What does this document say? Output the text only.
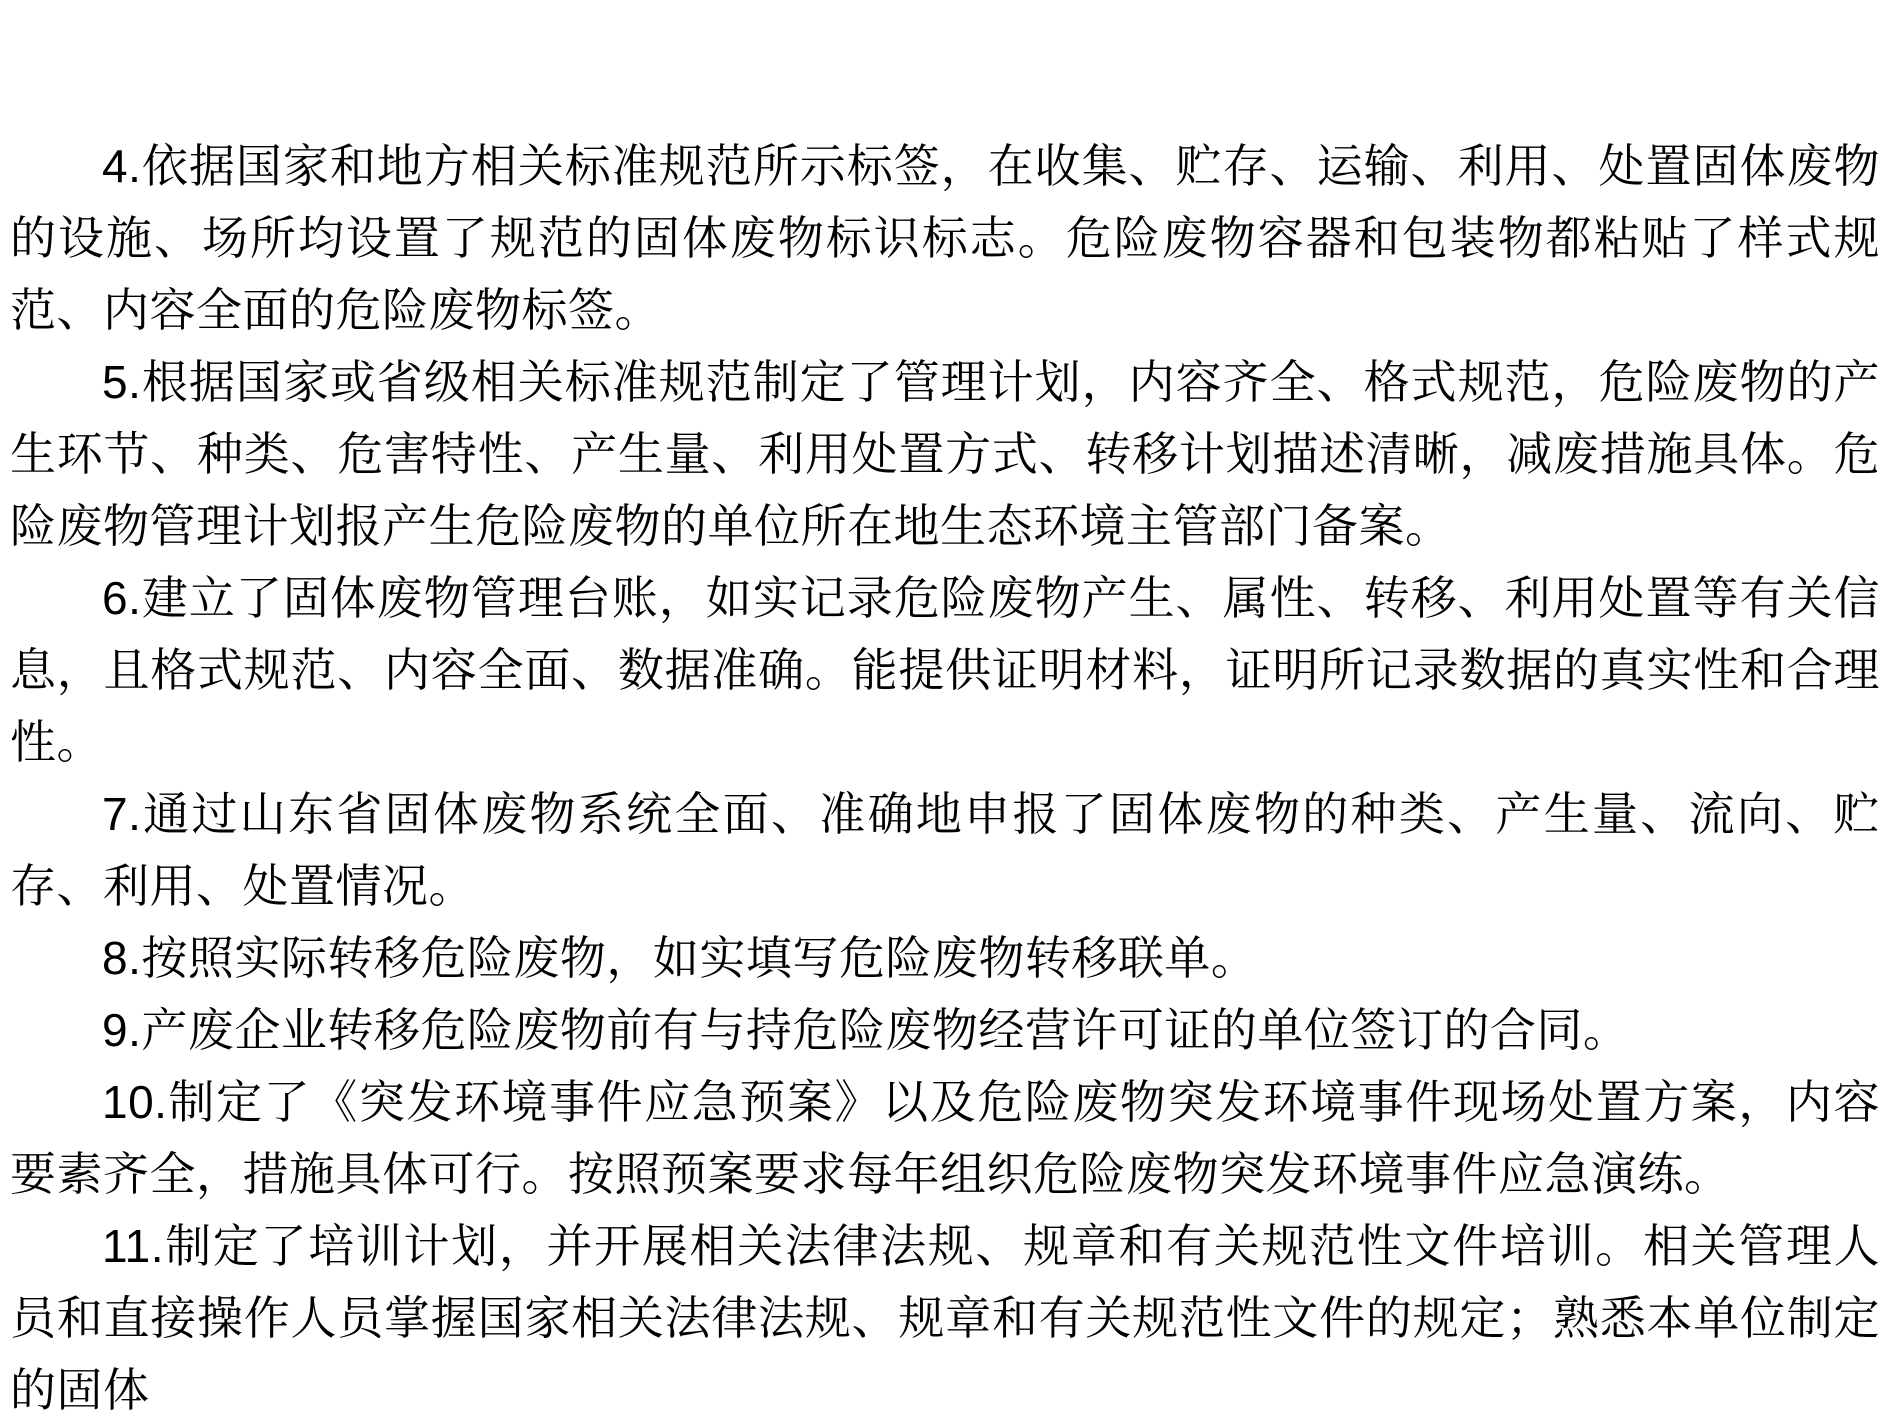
4.依据国家和地方相关标准规范所示标签，在收集、贮存、运输、利用、处置固体废物的设施、场所均设置了规范的固体废物标识标志。危险废物容器和包装物都粘贴了样式规范、内容全面的危险废物标签。

5.根据国家或省级相关标准规范制定了管理计划，内容齐全、格式规范，危险废物的产生环节、种类、危害特性、产生量、利用处置方式、转移计划描述清晰，减废措施具体。危险废物管理计划报产生危险废物的单位所在地生态环境主管部门备案。

6.建立了固体废物管理台账，如实记录危险废物产生、属性、转移、利用处置等有关信息，且格式规范、内容全面、数据准确。能提供证明材料，证明所记录数据的真实性和合理性。

7.通过山东省固体废物系统全面、准确地申报了固体废物的种类、产生量、流向、贮存、利用、处置情况。

8.按照实际转移危险废物，如实填写危险废物转移联单。

9.产废企业转移危险废物前有与持危险废物经营许可证的单位签订的合同。

10.制定了《突发环境事件应急预案》以及危险废物突发环境事件现场处置方案，内容要素齐全，措施具体可行。按照预案要求每年组织危险废物突发环境事件应急演练。

11.制定了培训计划，并开展相关法律法规、规章和有关规范性文件培训。相关管理人员和直接操作人员掌握国家相关法律法规、规章和有关规范性文件的规定；熟悉本单位制定的固体
